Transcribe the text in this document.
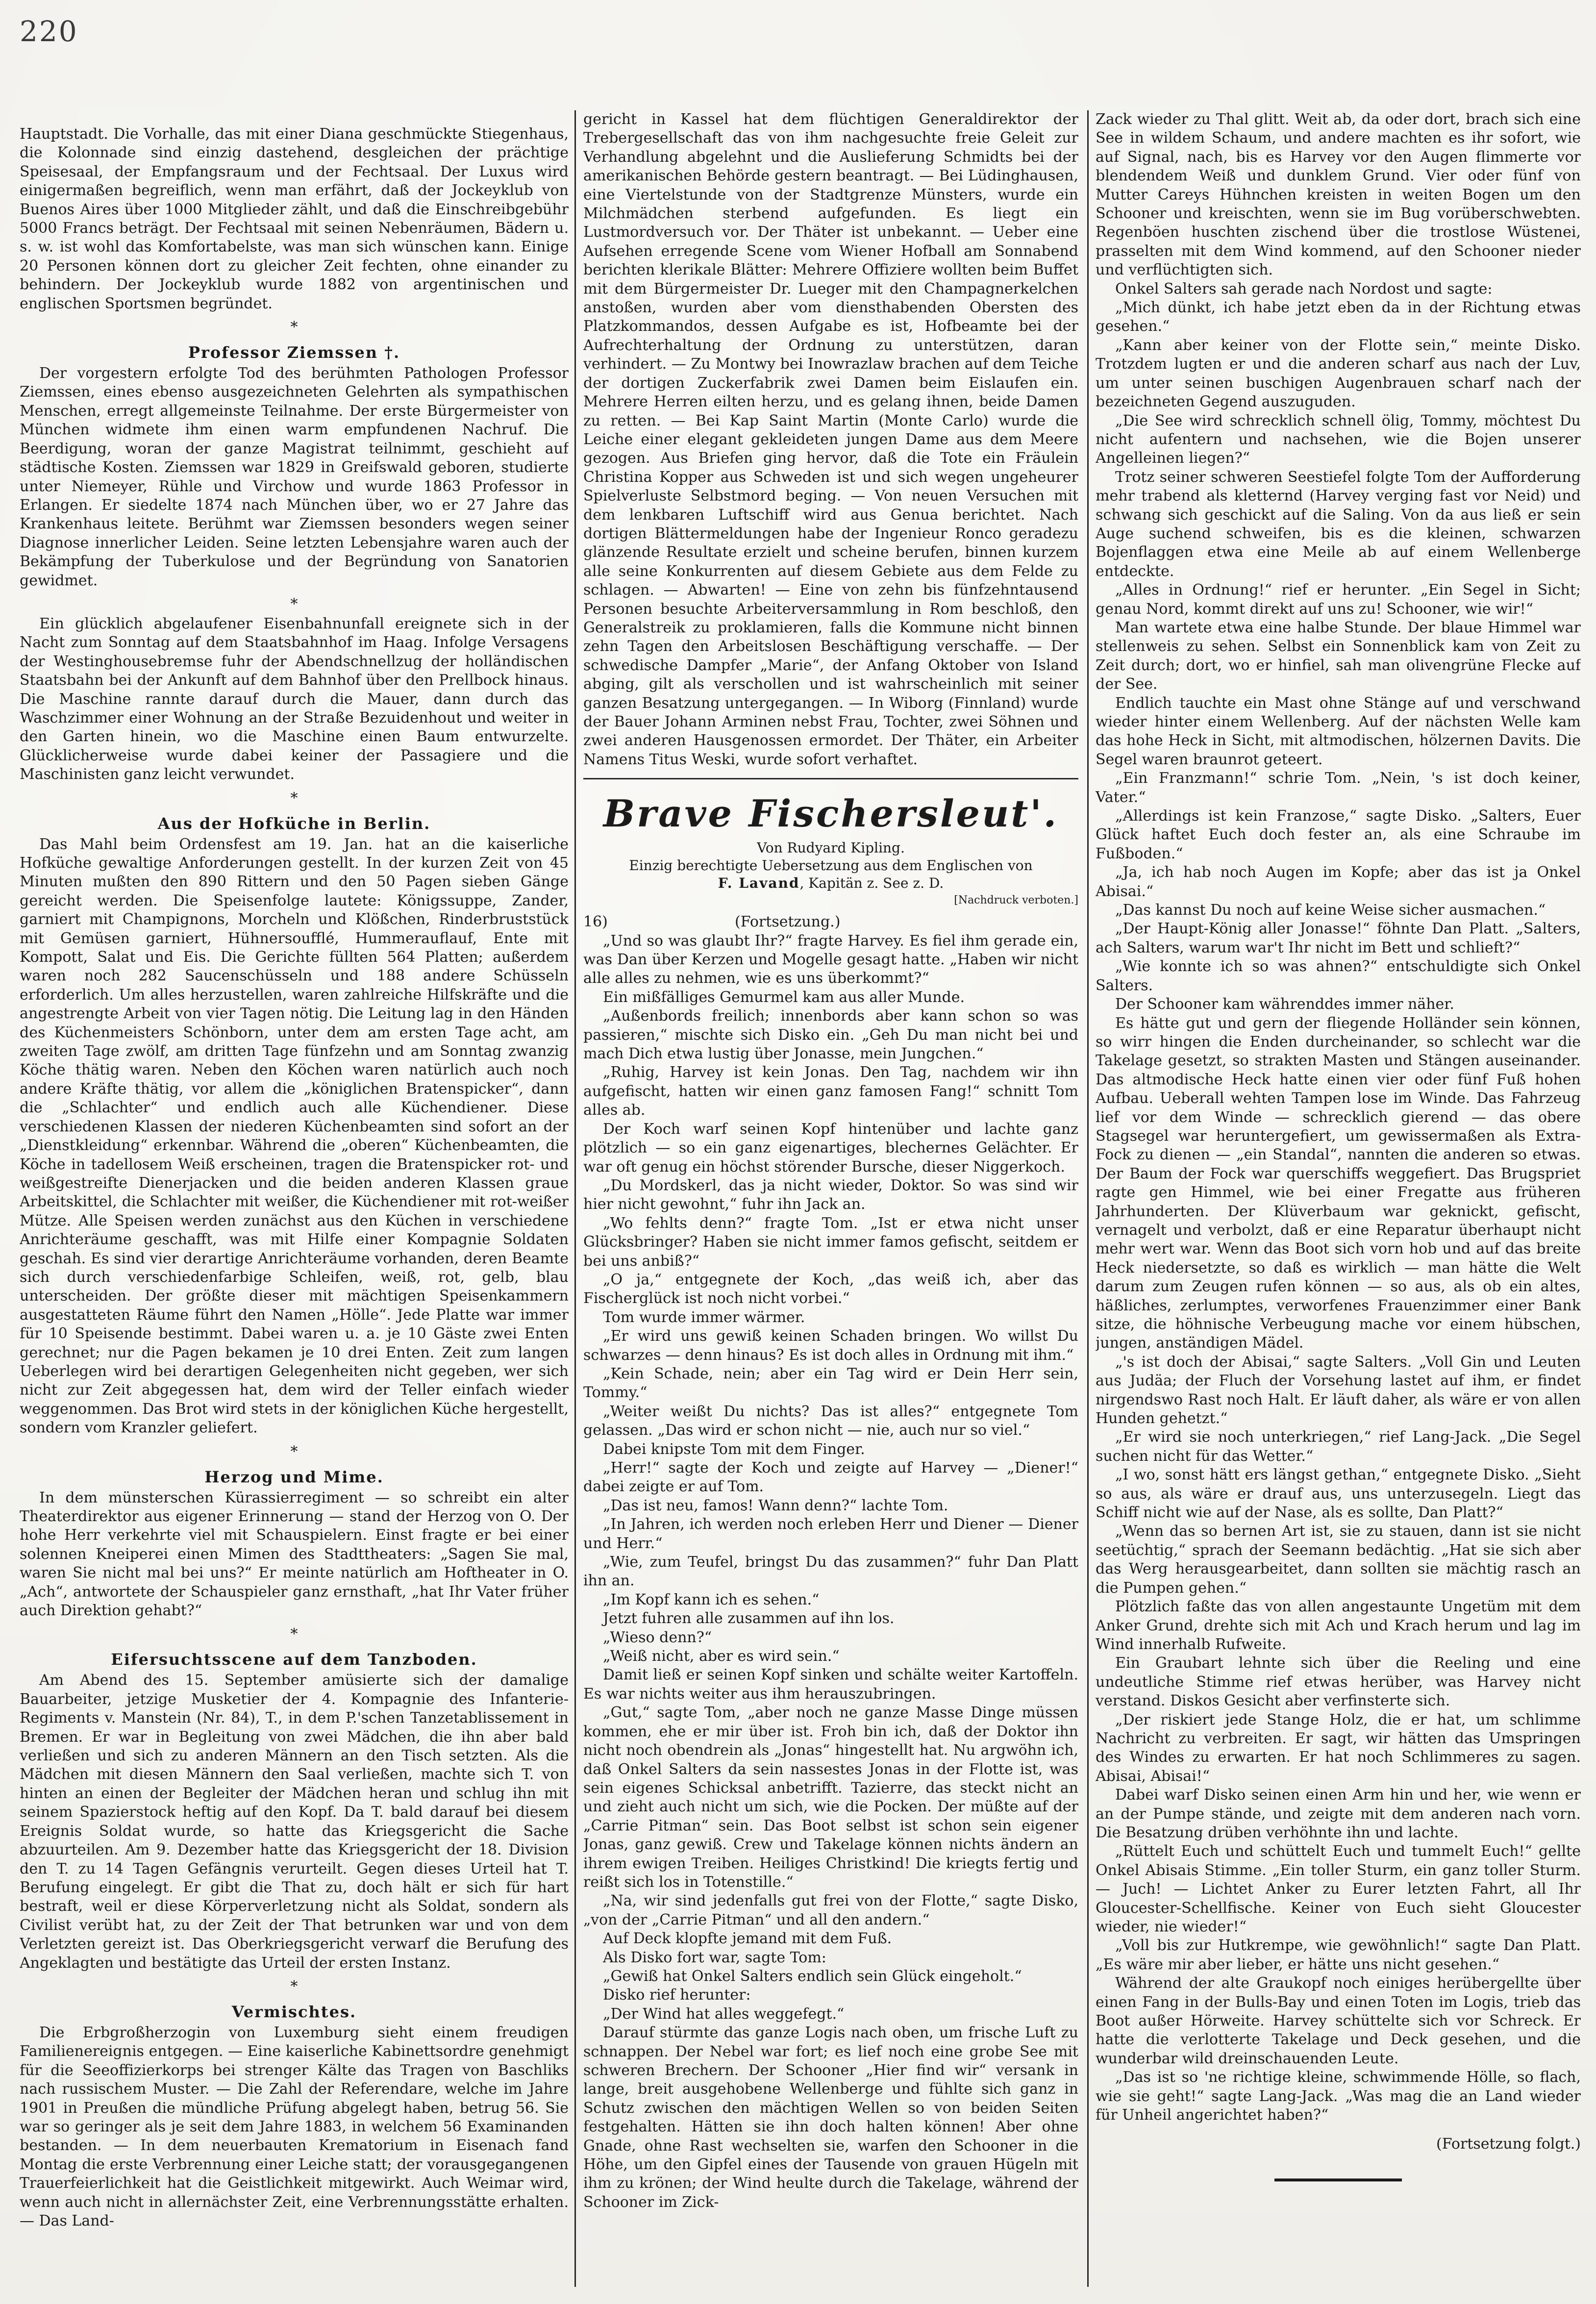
220

Hauptstadt. Die Vorhalle, das mit einer Diana geschmückte Stiegenhaus, die Kolonnade sind einzig dastehend, desgleichen der prächtige Speisesaal, der Empfangsraum und der Fechtsaal. Der Luxus wird einigermaßen begreiflich, wenn man erfährt, daß der Jockeyklub von Buenos Aires über 1000 Mitglieder zählt, und daß die Einschreibgebühr 5000 Francs beträgt. Der Fechtsaal mit seinen Nebenräumen, Bädern u. s. w. ist wohl das Komfortabelste, was man sich wünschen kann. Einige 20 Personen können dort zu gleicher Zeit fechten, ohne einander zu behindern. Der Jockeyklub wurde 1882 von argentinischen und englischen Sportsmen begründet.

*
Professor Ziemssen †.

Der vorgestern erfolgte Tod des berühmten Pathologen Professor Ziemssen, eines ebenso ausgezeichneten Gelehrten als sympathischen Menschen, erregt allgemeinste Teilnahme. Der erste Bürgermeister von München widmete ihm einen warm empfundenen Nachruf. Die Beerdigung, woran der ganze Magistrat teilnimmt, geschieht auf städtische Kosten. Ziemssen war 1829 in Greifswald geboren, studierte unter Niemeyer, Rühle und Virchow und wurde 1863 Professor in Erlangen. Er siedelte 1874 nach München über, wo er 27 Jahre das Krankenhaus leitete. Berühmt war Ziemssen besonders wegen seiner Diagnose innerlicher Leiden. Seine letzten Lebensjahre waren auch der Bekämpfung der Tuberkulose und der Begründung von Sanatorien gewidmet.

*

Ein glücklich abgelaufener Eisenbahnunfall ereignete sich in der Nacht zum Sonntag auf dem Staatsbahnhof im Haag. Infolge Versagens der Westinghousebremse fuhr der Abendschnellzug der holländischen Staatsbahn bei der Ankunft auf dem Bahnhof über den Prellbock hinaus. Die Maschine rannte darauf durch die Mauer, dann durch das Waschzimmer einer Wohnung an der Straße Bezuidenhout und weiter in den Garten hinein, wo die Maschine einen Baum entwurzelte. Glücklicherweise wurde dabei keiner der Passagiere und die Maschinisten ganz leicht verwundet.

*
Aus der Hofküche in Berlin.

Das Mahl beim Ordensfest am 19. Jan. hat an die kaiserliche Hofküche gewaltige Anforderungen gestellt. In der kurzen Zeit von 45 Minuten mußten den 890 Rittern und den 50 Pagen sieben Gänge gereicht werden. Die Speisenfolge lautete: Königssuppe, Zander, garniert mit Champignons, Morcheln und Klößchen, Rinderbruststück mit Gemüsen garniert, Hühnersoufflé, Hummerauflauf, Ente mit Kompott, Salat und Eis. Die Gerichte füllten 564 Platten; außerdem waren noch 282 Saucenschüsseln und 188 andere Schüsseln erforderlich. Um alles herzustellen, waren zahlreiche Hilfskräfte und die angestrengte Arbeit von vier Tagen nötig. Die Leitung lag in den Händen des Küchenmeisters Schönborn, unter dem am ersten Tage acht, am zweiten Tage zwölf, am dritten Tage fünfzehn und am Sonntag zwanzig Köche thätig waren. Neben den Köchen waren natürlich auch noch andere Kräfte thätig, vor allem die „königlichen Bratenspicker“, dann die „Schlachter“ und endlich auch alle Küchendiener. Diese verschiedenen Klassen der niederen Küchenbeamten sind sofort an der „Dienstkleidung“ erkennbar. Während die „oberen“ Küchenbeamten, die Köche in tadellosem Weiß erscheinen, tragen die Bratenspicker rot- und weißgestreifte Dienerjacken und die beiden anderen Klassen graue Arbeitskittel, die Schlachter mit weißer, die Küchendiener mit rot-weißer Mütze. Alle Speisen werden zunächst aus den Küchen in verschiedene Anrichteräume geschafft, was mit Hilfe einer Kompagnie Soldaten geschah. Es sind vier derartige Anrichteräume vorhanden, deren Beamte sich durch verschiedenfarbige Schleifen, weiß, rot, gelb, blau unterscheiden. Der größte dieser mit mächtigen Speisenkammern ausgestatteten Räume führt den Namen „Hölle“. Jede Platte war immer für 10 Speisende bestimmt. Dabei waren u. a. je 10 Gäste zwei Enten gerechnet; nur die Pagen bekamen je 10 drei Enten. Zeit zum langen Ueberlegen wird bei derartigen Gelegenheiten nicht gegeben, wer sich nicht zur Zeit abgegessen hat, dem wird der Teller einfach wieder weggenommen. Das Brot wird stets in der königlichen Küche hergestellt, sondern vom Kranzler geliefert.

*
Herzog und Mime.

In dem münsterschen Kürassierregiment — so schreibt ein alter Theaterdirektor aus eigener Erinnerung — stand der Herzog von O. Der hohe Herr verkehrte viel mit Schauspielern. Einst fragte er bei einer solennen Kneiperei einen Mimen des Stadttheaters: „Sagen Sie mal, waren Sie nicht mal bei uns?“ Er meinte natürlich am Hoftheater in O. „Ach“, antwortete der Schauspieler ganz ernsthaft, „hat Ihr Vater früher auch Direktion gehabt?“

*
Eifersuchtsscene auf dem Tanzboden.

Am Abend des 15. September amüsierte sich der damalige Bauarbeiter, jetzige Musketier der 4. Kompagnie des Infanterie-Regiments v. Manstein (Nr. 84), T., in dem P.'schen Tanzetablissement in Bremen. Er war in Begleitung von zwei Mädchen, die ihn aber bald verließen und sich zu anderen Männern an den Tisch setzten. Als die Mädchen mit diesen Männern den Saal verließen, machte sich T. von hinten an einen der Begleiter der Mädchen heran und schlug ihn mit seinem Spazierstock heftig auf den Kopf. Da T. bald darauf bei diesem Ereignis Soldat wurde, so hatte das Kriegsgericht die Sache abzuurteilen. Am 9. Dezember hatte das Kriegsgericht der 18. Division den T. zu 14 Tagen Gefängnis verurteilt. Gegen dieses Urteil hat T. Berufung eingelegt. Er gibt die That zu, doch hält er sich für hart bestraft, weil er diese Körperverletzung nicht als Soldat, sondern als Civilist verübt hat, zu der Zeit der That betrunken war und von dem Verletzten gereizt ist. Das Oberkriegsgericht verwarf die Berufung des Angeklagten und bestätigte das Urteil der ersten Instanz.

*
Vermischtes.

Die Erbgroßherzogin von Luxemburg sieht einem freudigen Familienereignis entgegen. — Eine kaiserliche Kabinettsordre genehmigt für die Seeoffizierkorps bei strenger Kälte das Tragen von Baschliks nach russischem Muster. — Die Zahl der Referendare, welche im Jahre 1901 in Preußen die mündliche Prüfung abgelegt haben, betrug 56. Sie war so geringer als je seit dem Jahre 1883, in welchem 56 Examinanden bestanden. — In dem neuerbauten Krematorium in Eisenach fand Montag die erste Verbrennung einer Leiche statt; der vorausgegangenen Trauerfeierlichkeit hat die Geistlichkeit mitgewirkt. Auch Weimar wird, wenn auch nicht in allernächster Zeit, eine Verbrennungsstätte erhalten. — Das Land-

gericht in Kassel hat dem flüchtigen Generaldirektor der Trebergesellschaft das von ihm nachgesuchte freie Geleit zur Verhandlung abgelehnt und die Auslieferung Schmidts bei der amerikanischen Behörde gestern beantragt. — Bei Lüdinghausen, eine Viertelstunde von der Stadtgrenze Münsters, wurde ein Milchmädchen sterbend aufgefunden. Es liegt ein Lustmordversuch vor. Der Thäter ist unbekannt. — Ueber eine Aufsehen erregende Scene vom Wiener Hofball am Sonnabend berichten klerikale Blätter: Mehrere Offiziere wollten beim Buffet mit dem Bürgermeister Dr. Lueger mit den Champagnerkelchen anstoßen, wurden aber vom diensthabenden Obersten des Platzkommandos, dessen Aufgabe es ist, Hofbeamte bei der Aufrechterhaltung der Ordnung zu unterstützen, daran verhindert. — Zu Montwy bei Inowrazlaw brachen auf dem Teiche der dortigen Zuckerfabrik zwei Damen beim Eislaufen ein. Mehrere Herren eilten herzu, und es gelang ihnen, beide Damen zu retten. — Bei Kap Saint Martin (Monte Carlo) wurde die Leiche einer elegant gekleideten jungen Dame aus dem Meere gezogen. Aus Briefen ging hervor, daß die Tote ein Fräulein Christina Kopper aus Schweden ist und sich wegen ungeheurer Spielverluste Selbstmord beging. — Von neuen Versuchen mit dem lenkbaren Luftschiff wird aus Genua berichtet. Nach dortigen Blättermeldungen habe der Ingenieur Ronco geradezu glänzende Resultate erzielt und scheine berufen, binnen kurzem alle seine Konkurrenten auf diesem Gebiete aus dem Felde zu schlagen. — Abwarten! — Eine von zehn bis fünfzehntausend Personen besuchte Arbeiterversammlung in Rom beschloß, den Generalstreik zu proklamieren, falls die Kommune nicht binnen zehn Tagen den Arbeitslosen Beschäftigung verschaffe. — Der schwedische Dampfer „Marie“, der Anfang Oktober von Island abging, gilt als verschollen und ist wahrscheinlich mit seiner ganzen Besatzung untergegangen. — In Wiborg (Finnland) wurde der Bauer Johann Arminen nebst Frau, Tochter, zwei Söhnen und zwei anderen Hausgenossen ermordet. Der Thäter, ein Arbeiter Namens Titus Weski, wurde sofort verhaftet.

Brave Fischersleut'.

Von Rudyard Kipling.

Einzig berechtigte Uebersetzung aus dem Englischen von
F. Lavand, Kapitän z. See z. D.

[Nachdruck verboten.]

16)	(Fortsetzung.)

„Und so was glaubt Ihr?“ fragte Harvey. Es fiel ihm gerade ein, was Dan über Kerzen und Mogelle gesagt hatte. „Haben wir nicht alle alles zu nehmen, wie es uns überkommt?“

Ein mißfälliges Gemurmel kam aus aller Munde.

„Außenbords freilich; innenbords aber kann schon so was passieren,“ mischte sich Disko ein. „Geh Du man nicht bei und mach Dich etwa lustig über Jonasse, mein Jungchen.“

„Ruhig, Harvey ist kein Jonas. Den Tag, nachdem wir ihn aufgefischt, hatten wir einen ganz famosen Fang!“ schnitt Tom alles ab.

Der Koch warf seinen Kopf hintenüber und lachte ganz plötzlich — so ein ganz eigenartiges, blechernes Gelächter. Er war oft genug ein höchst störender Bursche, dieser Niggerkoch.

„Du Mordskerl, das ja nicht wieder, Doktor. So was sind wir hier nicht gewohnt,“ fuhr ihn Jack an.

„Wo fehlts denn?“ fragte Tom. „Ist er etwa nicht unser Glücksbringer? Haben sie nicht immer famos gefischt, seitdem er bei uns anbiß?“

„O ja,“ entgegnete der Koch, „das weiß ich, aber das Fischerglück ist noch nicht vorbei.“

Tom wurde immer wärmer.

„Er wird uns gewiß keinen Schaden bringen. Wo willst Du schwarzes — denn hinaus? Es ist doch alles in Ordnung mit ihm.“

„Kein Schade, nein; aber ein Tag wird er Dein Herr sein, Tommy.“

„Weiter weißt Du nichts? Das ist alles?“ entgegnete Tom gelassen. „Das wird er schon nicht — nie, auch nur so viel.“

Dabei knipste Tom mit dem Finger.

„Herr!“ sagte der Koch und zeigte auf Harvey — „Diener!“ dabei zeigte er auf Tom.

„Das ist neu, famos! Wann denn?“ lachte Tom.

„In Jahren, ich werden noch erleben Herr und Diener — Diener und Herr.“

„Wie, zum Teufel, bringst Du das zusammen?“ fuhr Dan Platt ihn an.

„Im Kopf kann ich es sehen.“

Jetzt fuhren alle zusammen auf ihn los.

„Wieso denn?“

„Weiß nicht, aber es wird sein.“

Damit ließ er seinen Kopf sinken und schälte weiter Kartoffeln. Es war nichts weiter aus ihm herauszubringen.

„Gut,“ sagte Tom, „aber noch ne ganze Masse Dinge müssen kommen, ehe er mir über ist. Froh bin ich, daß der Doktor ihn nicht noch obendrein als „Jonas“ hingestellt hat. Nu argwöhn ich, daß Onkel Salters da sein nassestes Jonas in der Flotte ist, was sein eigenes Schicksal anbetrifft. Tazierre, das steckt nicht an und zieht auch nicht um sich, wie die Pocken. Der müßte auf der „Carrie Pitman“ sein. Das Boot selbst ist schon sein eigener Jonas, ganz gewiß. Crew und Takelage können nichts ändern an ihrem ewigen Treiben. Heiliges Christkind! Die kriegts fertig und reißt sich los in Totenstille.“

„Na, wir sind jedenfalls gut frei von der Flotte,“ sagte Disko, „von der „Carrie Pitman“ und all den andern.“

Auf Deck klopfte jemand mit dem Fuß.

Als Disko fort war, sagte Tom:

„Gewiß hat Onkel Salters endlich sein Glück eingeholt.“

Disko rief herunter:

„Der Wind hat alles weggefegt.“

Darauf stürmte das ganze Logis nach oben, um frische Luft zu schnappen. Der Nebel war fort; es lief noch eine grobe See mit schweren Brechern. Der Schooner „Hier find wir“ versank in lange, breit ausgehobene Wellenberge und fühlte sich ganz in Schutz zwischen den mächtigen Wellen so von beiden Seiten festgehalten. Hätten sie ihn doch halten können! Aber ohne Gnade, ohne Rast wechselten sie, warfen den Schooner in die Höhe, um den Gipfel eines der Tausende von grauen Hügeln mit ihm zu krönen; der Wind heulte durch die Takelage, während der Schooner im Zick-

Zack wieder zu Thal glitt. Weit ab, da oder dort, brach sich eine See in wildem Schaum, und andere machten es ihr sofort, wie auf Signal, nach, bis es Harvey vor den Augen flimmerte vor blendendem Weiß und dunklem Grund. Vier oder fünf von Mutter Careys Hühnchen kreisten in weiten Bogen um den Schooner und kreischten, wenn sie im Bug vorüberschwebten. Regenböen huschten zischend über die trostlose Wüstenei, prasselten mit dem Wind kommend, auf den Schooner nieder und verflüchtigten sich.

Onkel Salters sah gerade nach Nordost und sagte:

„Mich dünkt, ich habe jetzt eben da in der Richtung etwas gesehen.“

„Kann aber keiner von der Flotte sein,“ meinte Disko. Trotzdem lugten er und die anderen scharf aus nach der Luv, um unter seinen buschigen Augenbrauen scharf nach der bezeichneten Gegend auszuguden.

„Die See wird schrecklich schnell ölig, Tommy, möchtest Du nicht aufentern und nachsehen, wie die Bojen unserer Angelleinen liegen?“

Trotz seiner schweren Seestiefel folgte Tom der Aufforderung mehr trabend als kletternd (Harvey verging fast vor Neid) und schwang sich geschickt auf die Saling. Von da aus ließ er sein Auge suchend schweifen, bis es die kleinen, schwarzen Bojenflaggen etwa eine Meile ab auf einem Wellenberge entdeckte.

„Alles in Ordnung!“ rief er herunter. „Ein Segel in Sicht; genau Nord, kommt direkt auf uns zu! Schooner, wie wir!“

Man wartete etwa eine halbe Stunde. Der blaue Himmel war stellenweis zu sehen. Selbst ein Sonnenblick kam von Zeit zu Zeit durch; dort, wo er hinfiel, sah man olivengrüne Flecke auf der See.

Endlich tauchte ein Mast ohne Stänge auf und verschwand wieder hinter einem Wellenberg. Auf der nächsten Welle kam das hohe Heck in Sicht, mit altmodischen, hölzernen Davits. Die Segel waren braunrot geteert.

„Ein Franzmann!“ schrie Tom. „Nein, 's ist doch keiner, Vater.“

„Allerdings ist kein Franzose,“ sagte Disko. „Salters, Euer Glück haftet Euch doch fester an, als eine Schraube im Fußboden.“

„Ja, ich hab noch Augen im Kopfe; aber das ist ja Onkel Abisai.“

„Das kannst Du noch auf keine Weise sicher ausmachen.“

„Der Haupt-König aller Jonasse!“ föhnte Dan Platt. „Salters, ach Salters, warum war't Ihr nicht im Bett und schlieft?“

„Wie konnte ich so was ahnen?“ entschuldigte sich Onkel Salters.

Der Schooner kam währenddes immer näher.

Es hätte gut und gern der fliegende Holländer sein können, so wirr hingen die Enden durcheinander, so schlecht war die Takelage gesetzt, so strakten Masten und Stängen auseinander. Das altmodische Heck hatte einen vier oder fünf Fuß hohen Aufbau. Ueberall wehten Tampen lose im Winde. Das Fahrzeug lief vor dem Winde — schrecklich gierend — das obere Stagsegel war heruntergefiert, um gewissermaßen als Extra-Fock zu dienen — „ein Standal“, nannten die anderen so etwas. Der Baum der Fock war querschiffs weggefiert. Das Brugspriet ragte gen Himmel, wie bei einer Fregatte aus früheren Jahrhunderten. Der Klüverbaum war geknickt, gefischt, vernagelt und verbolzt, daß er eine Reparatur überhaupt nicht mehr wert war. Wenn das Boot sich vorn hob und auf das breite Heck niedersetzte, so daß es wirklich — man hätte die Welt darum zum Zeugen rufen können — so aus, als ob ein altes, häßliches, zerlumptes, verworfenes Frauenzimmer einer Bank sitze, die höhnische Verbeugung mache vor einem hübschen, jungen, anständigen Mädel.

„'s ist doch der Abisai,“ sagte Salters. „Voll Gin und Leuten aus Judäa; der Fluch der Vorsehung lastet auf ihm, er findet nirgendswo Rast noch Halt. Er läuft daher, als wäre er von allen Hunden gehetzt.“

„Er wird sie noch unterkriegen,“ rief Lang-Jack. „Die Segel suchen nicht für das Wetter.“

„I wo, sonst hätt ers längst gethan,“ entgegnete Disko. „Sieht so aus, als wäre er drauf aus, uns unterzusegeln. Liegt das Schiff nicht wie auf der Nase, als es sollte, Dan Platt?“

„Wenn das so bernen Art ist, sie zu stauen, dann ist sie nicht seetüchtig,“ sprach der Seemann bedächtig. „Hat sie sich aber das Werg herausgearbeitet, dann sollten sie mächtig rasch an die Pumpen gehen.“

Plötzlich faßte das von allen angestaunte Ungetüm mit dem Anker Grund, drehte sich mit Ach und Krach herum und lag im Wind innerhalb Rufweite.

Ein Graubart lehnte sich über die Reeling und eine undeutliche Stimme rief etwas herüber, was Harvey nicht verstand. Diskos Gesicht aber verfinsterte sich.

„Der riskiert jede Stange Holz, die er hat, um schlimme Nachricht zu verbreiten. Er sagt, wir hätten das Umspringen des Windes zu erwarten. Er hat noch Schlimmeres zu sagen. Abisai, Abisai!“

Dabei warf Disko seinen einen Arm hin und her, wie wenn er an der Pumpe stände, und zeigte mit dem anderen nach vorn. Die Besatzung drüben verhöhnte ihn und lachte.

„Rüttelt Euch und schüttelt Euch und tummelt Euch!“ gellte Onkel Abisais Stimme. „Ein toller Sturm, ein ganz toller Sturm. — Juch! — Lichtet Anker zu Eurer letzten Fahrt, all Ihr Gloucester-Schellfische. Keiner von Euch sieht Gloucester wieder, nie wieder!“

„Voll bis zur Hutkrempe, wie gewöhnlich!“ sagte Dan Platt. „Es wäre mir aber lieber, er hätte uns nicht gesehen.“

Während der alte Graukopf noch einiges herübergellte über einen Fang in der Bulls-Bay und einen Toten im Logis, trieb das Boot außer Hörweite. Harvey schüttelte sich vor Schreck. Er hatte die verlotterte Takelage und Deck gesehen, und die wunderbar wild dreinschauenden Leute.

„Das ist so 'ne richtige kleine, schwimmende Hölle, so flach, wie sie geht!“ sagte Lang-Jack. „Was mag die an Land wieder für Unheil angerichtet haben?“

(Fortsetzung folgt.)
